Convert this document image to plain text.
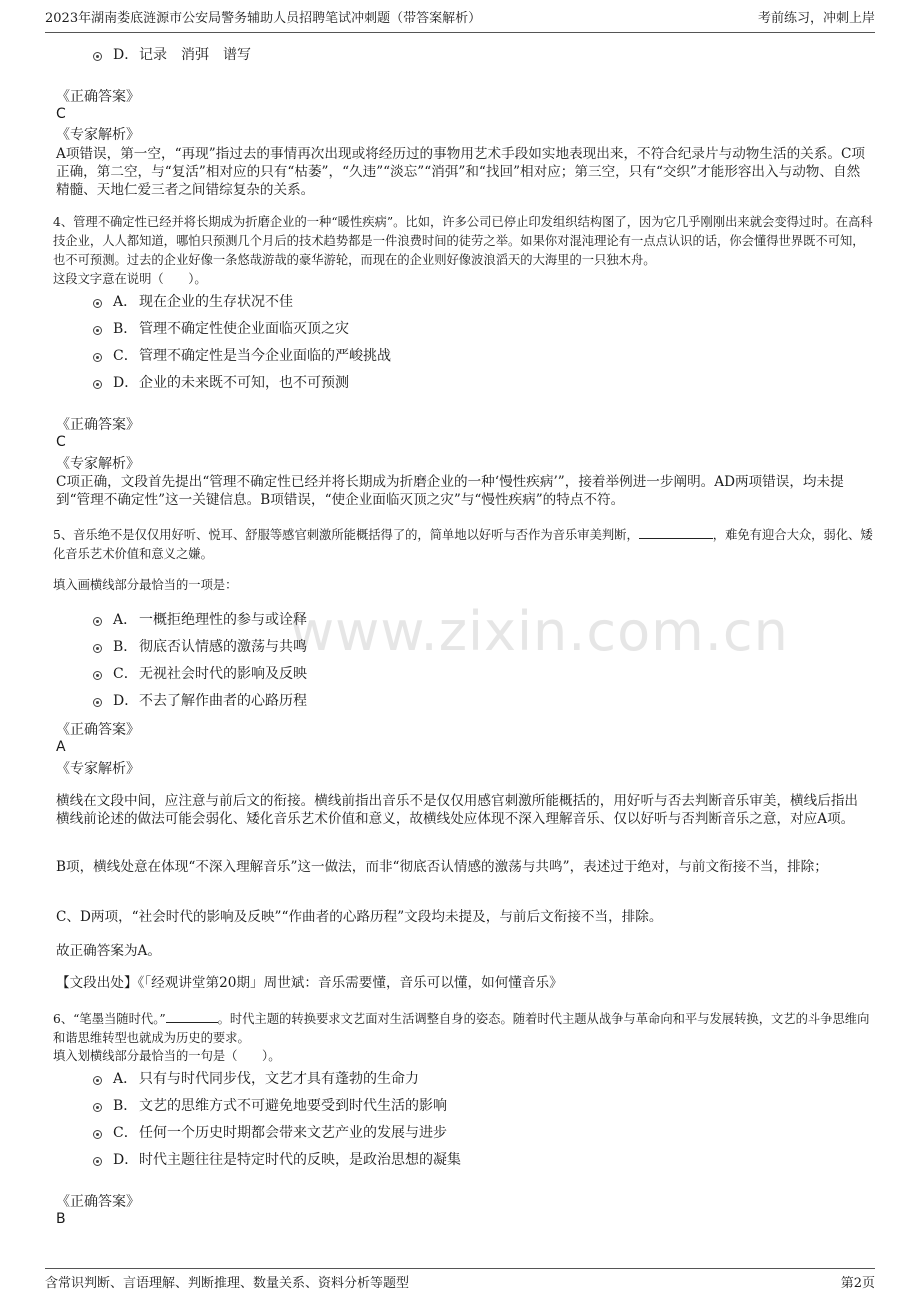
2023年湖南娄底涟源市公安局警务辅助人员招聘笔试冲刺题（带答案解析）	考前练习，冲刺上岸
www.zixin.com.cn
D． 记录　消弭　谱写
《正确答案》
C
《专家解析》
A项错误，第一空，“再现”指过去的事情再次出现或将经历过的事物用艺术手段如实地表现出来，不符合纪录片与动物生活的关系。C项正确，第二空，与“复活”相对应的只有“枯萎”，“久违”“淡忘”“消弭”和“找回”相对应；第三空，只有“交织”才能形容出入与动物、自然精髓、天地仁爱三者之间错综复杂的关系。
4、管理不确定性已经并将长期成为折磨企业的一种“暖性疾病”。比如，许多公司已停止印发组织结构图了，因为它几乎刚刚出来就会变得过时。在高科技企业，人人都知道，哪怕只预测几个月后的技术趋势都是一件浪费时间的徒劳之举。如果你对混沌理论有一点点认识的话，你会懂得世界既不可知，也不可预测。过去的企业好像一条悠哉游哉的豪华游轮，而现在的企业则好像波浪滔天的大海里的一只独木舟。
这段文字意在说明（　　）。
A． 现在企业的生存状况不佳
B． 管理不确定性使企业面临灭顶之灾
C． 管理不确定性是当今企业面临的严峻挑战
D． 企业的未来既不可知，也不可预测
《正确答案》
C
《专家解析》
C项正确，文段首先提出“管理不确定性已经并将长期成为折磨企业的一种‘慢性疾病’”，接着举例进一步阐明。AD两项错误，均未提到“管理不确定性”这一关键信息。B项错误，“使企业面临灭顶之灾”与“慢性疾病”的特点不符。
5、音乐绝不是仅仅用好听、悦耳、舒服等感官刺激所能概括得了的，简单地以好听与否作为音乐审美判断，	，难免有迎合大众，弱化、矮化音乐艺术价值和意义之嫌。
填入画横线部分最恰当的一项是：
A． 一概拒绝理性的参与或诠释
B． 彻底否认情感的激荡与共鸣
C． 无视社会时代的影响及反映
D． 不去了解作曲者的心路历程
《正确答案》
A
《专家解析》
横线在文段中间，应注意与前后文的衔接。横线前指出音乐不是仅仅用感官刺激所能概括的，用好听与否去判断音乐审美，横线后指出横线前论述的做法可能会弱化、矮化音乐艺术价值和意义，故横线处应体现不深入理解音乐、仅以好听与否判断音乐之意，对应A项。
B项，横线处意在体现“不深入理解音乐”这一做法，而非“彻底否认情感的激荡与共鸣”，表述过于绝对，与前文衔接不当，排除；
C、D两项，“社会时代的影响及反映”“作曲者的心路历程”文段均未提及，与前后文衔接不当，排除。
故正确答案为A。
【文段出处】《「经观讲堂第20期」周世斌：音乐需要懂，音乐可以懂，如何懂音乐》
6、“笔墨当随时代。”	。时代主题的转换要求文艺面对生活调整自身的姿态。随着时代主题从战争与革命向和平与发展转换，文艺的斗争思维向和谐思维转型也就成为历史的要求。
填入划横线部分最恰当的一句是（　　）。
A． 只有与时代同步伐，文艺才具有蓬勃的生命力
B． 文艺的思维方式不可避免地要受到时代生活的影响
C． 任何一个历史时期都会带来文艺产业的发展与进步
D． 时代主题往往是特定时代的反映，是政治思想的凝集
《正确答案》
B
含常识判断、言语理解、判断推理、数量关系、资料分析等题型	第2页
